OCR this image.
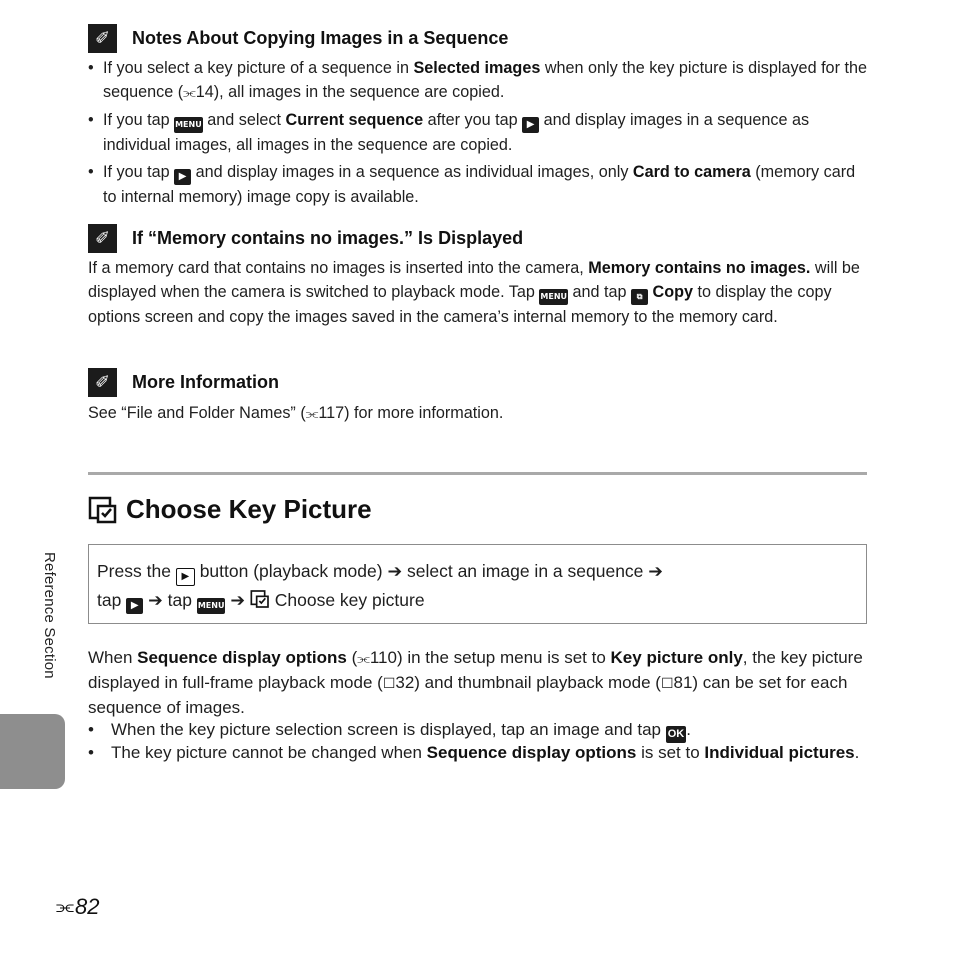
✐	Notes About Copying Images in a Sequence
• If you select a key picture of a sequence in Selected images when only the key picture is displayed for the sequence (⫘14), all images in the sequence are copied.
• If you tap MENU and select Current sequence after you tap ▶ and display images in a sequence as individual images, all images in the sequence are copied.
• If you tap ▶ and display images in a sequence as individual images, only Card to camera (memory card to internal memory) image copy is available.
✐	If “Memory contains no images.” Is Displayed
If a memory card that contains no images is inserted into the camera, Memory contains no images. will be displayed when the camera is switched to playback mode. Tap MENU and tap ⧉ Copy to display the copy options screen and copy the images saved in the camera’s internal memory to the memory card.
✐	More Information
See “File and Folder Names” (⫘117) for more information.
Choose Key Picture
Press the ▶ button (playback mode) ➔ select an image in a sequence ➔
tap ▶ ➔ tap MENU ➔ Choose key picture
When Sequence display options (⫘110) in the setup menu is set to Key picture only, the key picture displayed in full-frame playback mode (☐32) and thumbnail playback mode (☐81) can be set for each sequence of images.
• When the key picture selection screen is displayed, tap an image and tap OK .
• The key picture cannot be changed when Sequence display options is set to Individual pictures.
Reference Section
⫘ 82
